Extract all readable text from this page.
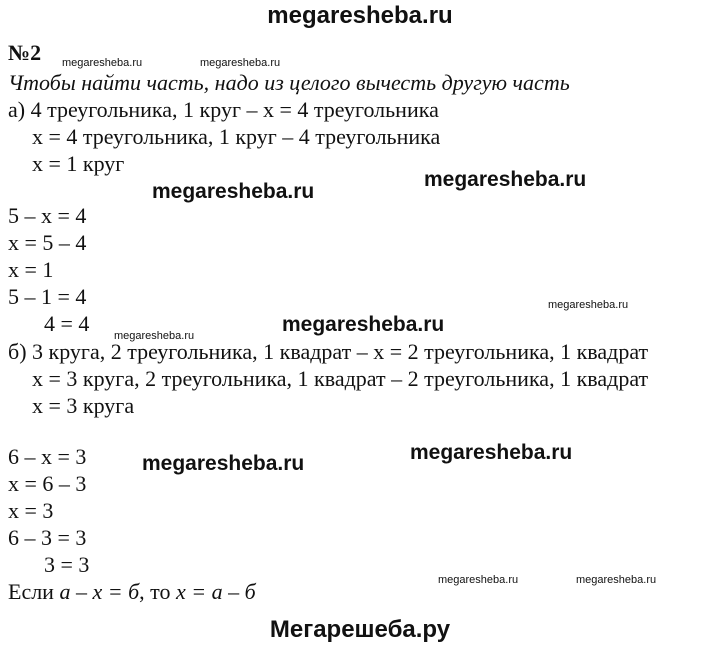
megaresheba.ru
№2 megaresheba.ru	megaresheba.ru
Чтобы найти часть, надо из целого вычесть другую часть
а) 4 треугольника, 1 круг – x = 4 треугольника
x = 4 треугольника, 1 круг – 4 треугольника
x = 1 круг
megaresheba.ru
megaresheba.ru
5 – x = 4
x = 5 – 4
x = 1
5 – 1 = 4
4 = 4
megaresheba.ru
megaresheba.ru
megaresheba.ru
б) 3 круга, 2 треугольника, 1 квадрат – x = 2 треугольника, 1 квадрат
x = 3 круга, 2 треугольника, 1 квадрат – 2 треугольника, 1 квадрат
x = 3 круга
megaresheba.ru
megaresheba.ru
6 – x = 3
x = 6 – 3
x = 3
6 – 3 = 3
3 = 3
megaresheba.ru	megaresheba.ru
Если а – х = б, то х = а – б
Мегарешеба.ру
